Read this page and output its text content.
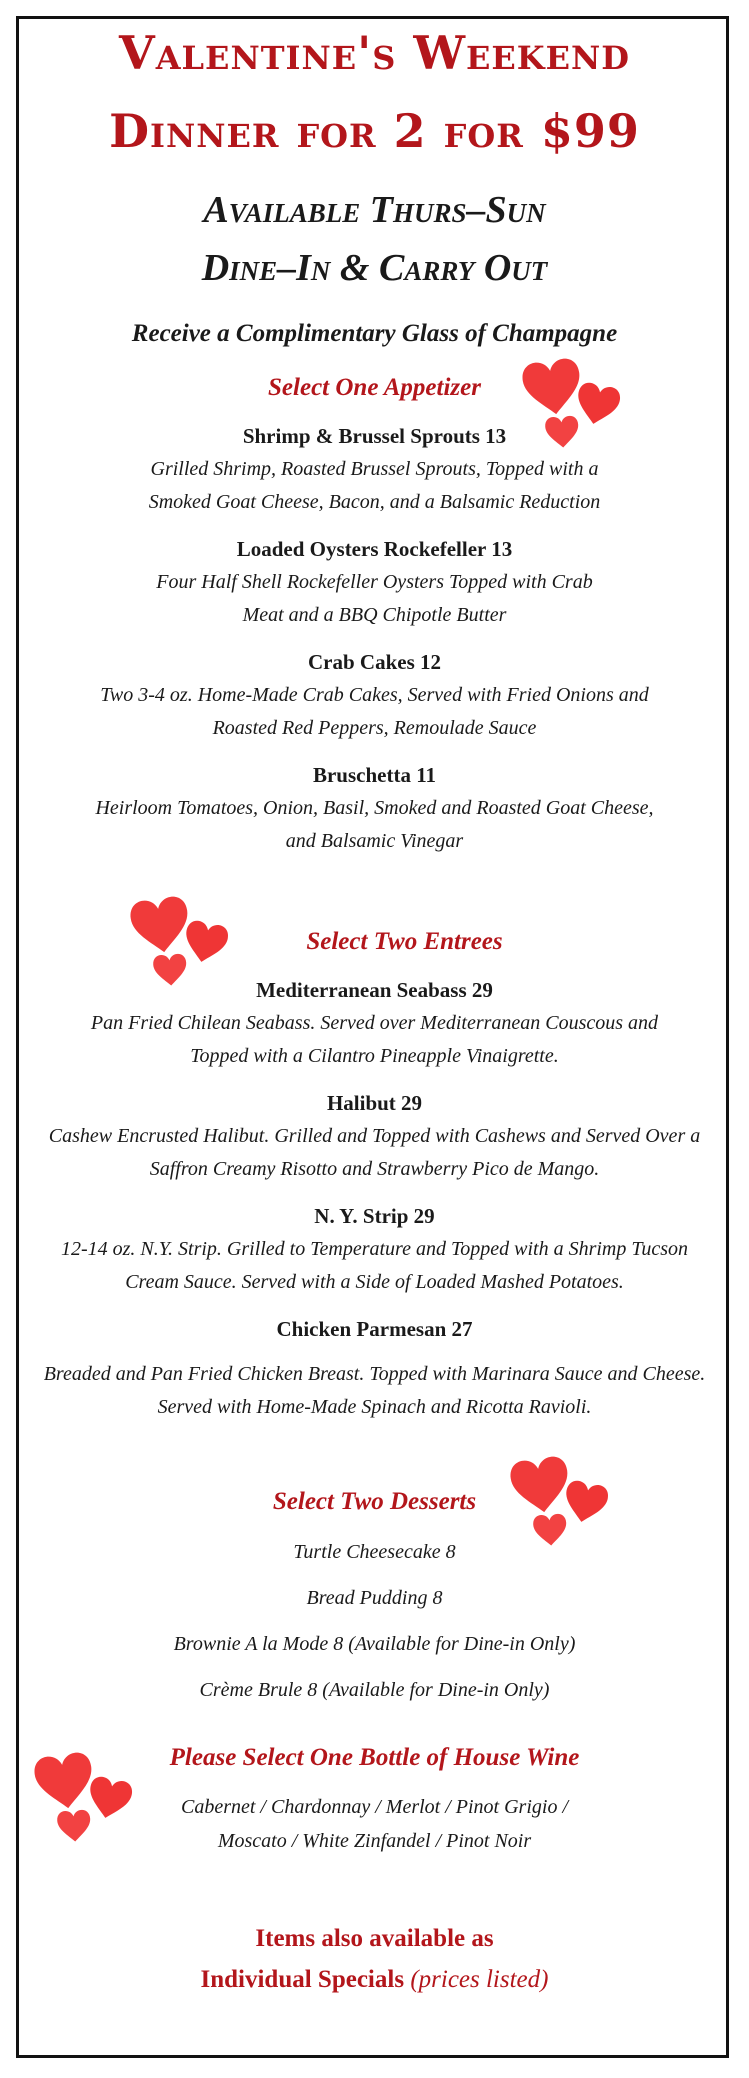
Valentine's Weekend
Dinner for 2 for $99
Available Thurs–Sun
Dine–In & Carry Out
Receive a Complimentary Glass of Champagne
Select One Appetizer
Shrimp & Brussel Sprouts 13
Grilled Shrimp, Roasted Brussel Sprouts, Topped with a
Smoked Goat Cheese, Bacon, and a Balsamic Reduction
Loaded Oysters Rockefeller 13
Four Half Shell Rockefeller Oysters Topped with Crab
Meat and a BBQ Chipotle Butter
Crab Cakes 12
Two 3-4 oz. Home-Made Crab Cakes, Served with Fried Onions and
Roasted Red Peppers, Remoulade Sauce
Bruschetta 11
Heirloom Tomatoes, Onion, Basil, Smoked and Roasted Goat Cheese,
and Balsamic Vinegar
Select Two Entrees
Mediterranean Seabass 29
Pan Fried Chilean Seabass. Served over Mediterranean Couscous and
Topped with a Cilantro Pineapple Vinaigrette.
Halibut 29
Cashew Encrusted Halibut. Grilled and Topped with Cashews and Served Over a
Saffron Creamy Risotto and Strawberry Pico de Mango.
N. Y. Strip 29
12-14 oz. N.Y. Strip. Grilled to Temperature and Topped with a Shrimp Tucson
Cream Sauce. Served with a Side of Loaded Mashed Potatoes.
Chicken Parmesan 27
Breaded and Pan Fried Chicken Breast. Topped with Marinara Sauce and Cheese.
Served with Home-Made Spinach and Ricotta Ravioli.
Select Two Desserts
Turtle Cheesecake 8
Bread Pudding 8
Brownie A la Mode 8 (Available for Dine-in Only)
Crème Brule 8 (Available for Dine-in Only)
Please Select One Bottle of House Wine
Cabernet / Chardonnay / Merlot / Pinot Grigio /
Moscato / White Zinfandel / Pinot Noir
Items also available as
Individual Specials (prices listed)
